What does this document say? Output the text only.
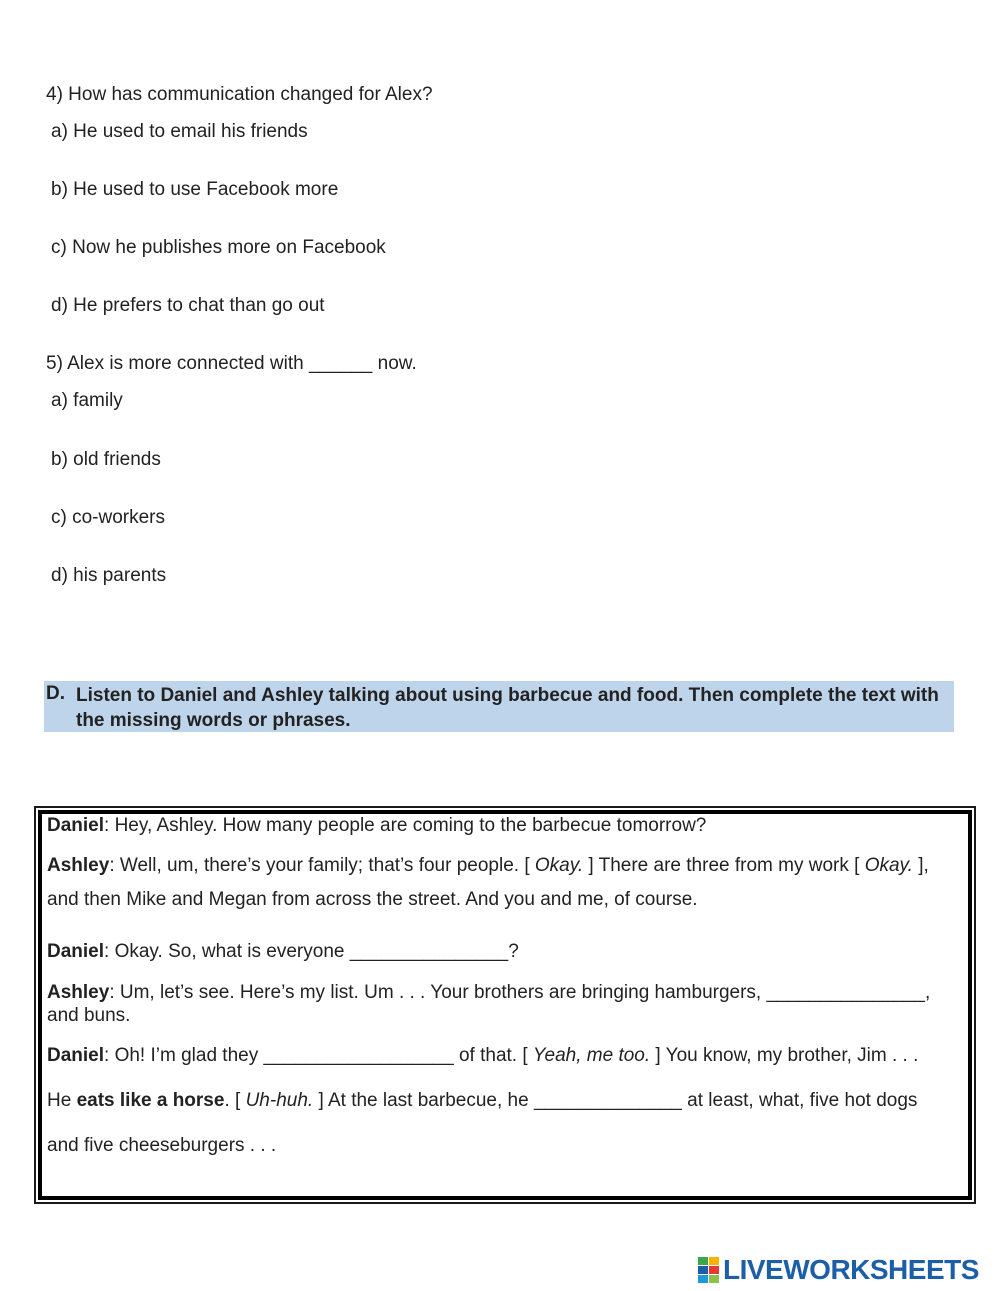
4) How has communication changed for Alex?
a) He used to email his friends
b) He used to use Facebook more
c) Now he publishes more on Facebook
d) He prefers to chat than go out
5) Alex is more connected with ______ now.
a) family
b) old friends
c) co-workers
d) his parents
D. Listen to Daniel and Ashley talking about using barbecue and food. Then complete the text with the missing words or phrases.
Daniel: Hey, Ashley. How many people are coming to the barbecue tomorrow?
Ashley: Well, um, there’s your family; that’s four people. [ Okay. ] There are three from my work [ Okay. ],
and then Mike and Megan from across the street. And you and me, of course.
Daniel: Okay. So, what is everyone _______________?
Ashley: Um, let’s see. Here’s my list. Um . . . Your brothers are bringing hamburgers, _______________,
and buns.
Daniel: Oh! I’m glad they __________________ of that. [ Yeah, me too. ] You know, my brother, Jim . . .
He eats like a horse. [ Uh-huh. ] At the last barbecue, he ______________ at least, what, five hot dogs
and five cheeseburgers . . .
LIVEWORKSHEETS
